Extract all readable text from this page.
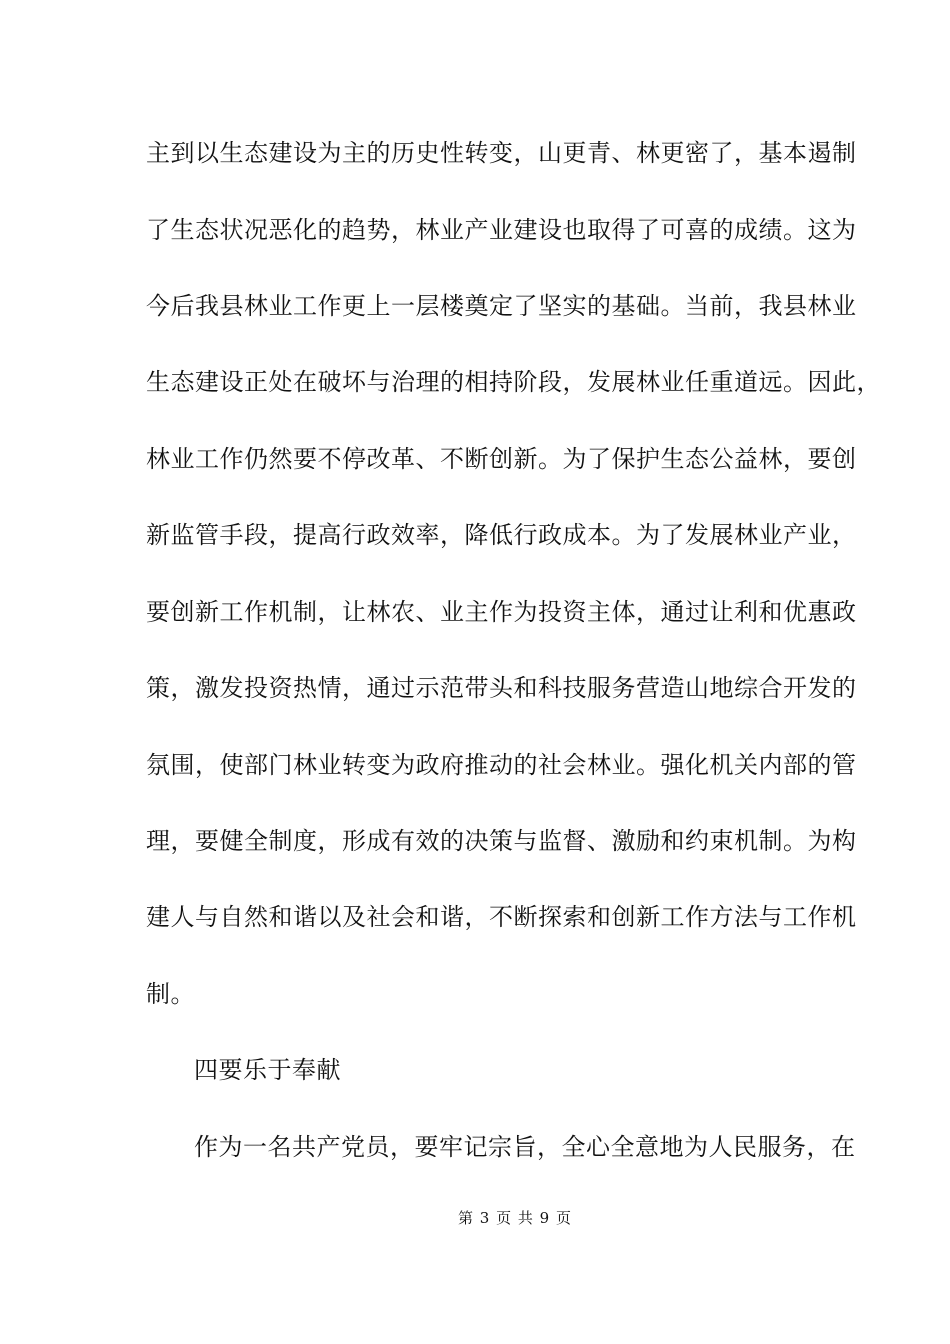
主到以生态建设为主的历史性转变，山更青、林更密了，基本遏制
了生态状况恶化的趋势，林业产业建设也取得了可喜的成绩。这为
今后我县林业工作更上一层楼奠定了坚实的基础。当前，我县林业
生态建设正处在破坏与治理的相持阶段，发展林业任重道远。因此，
林业工作仍然要不停改革、不断创新。为了保护生态公益林，要创
新监管手段，提高行政效率，降低行政成本。为了发展林业产业，
要创新工作机制，让林农、业主作为投资主体，通过让利和优惠政
策，激发投资热情，通过示范带头和科技服务营造山地综合开发的
氛围，使部门林业转变为政府推动的社会林业。强化机关内部的管
理，要健全制度，形成有效的决策与监督、激励和约束机制。为构
建人与自然和谐以及社会和谐，不断探索和创新工作方法与工作机
制。
四要乐于奉献
作为一名共产党员，要牢记宗旨，全心全意地为人民服务，在
第 3 页 共 9 页
